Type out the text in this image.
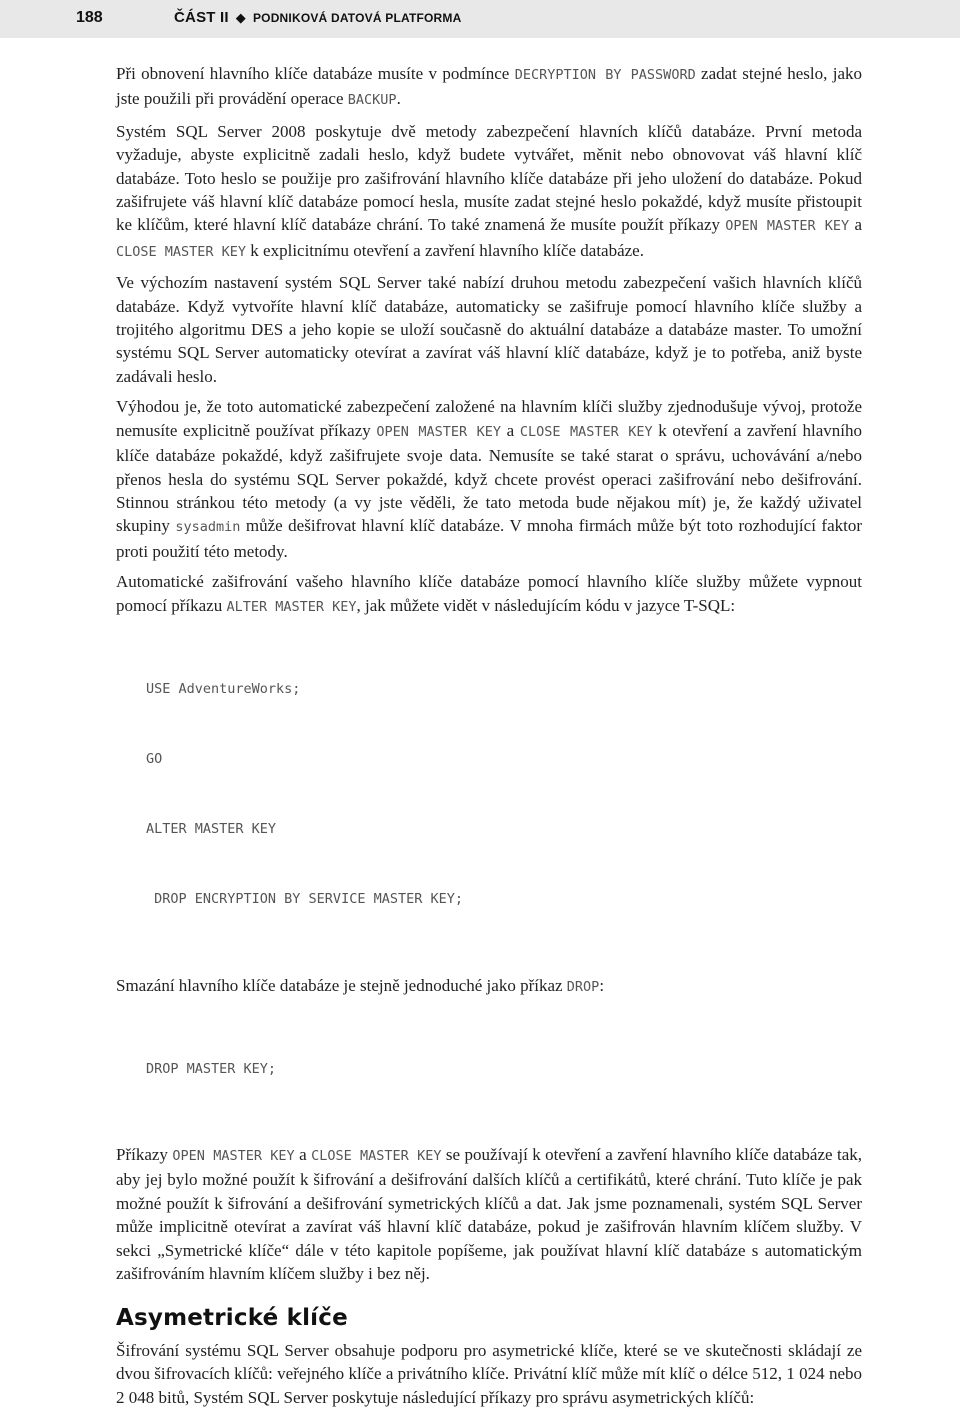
188	ČÁST II ◆ PODNIKOVÁ DATOVÁ PLATFORMA

Při obnovení hlavního klíče databáze musíte v podmínce DECRYPTION BY PASSWORD zadat stejné heslo, jako jste použili při provádění operace BACKUP.

Systém SQL Server 2008 poskytuje dvě metody zabezpečení hlavních klíčů databáze. První metoda vyžaduje, abyste explicitně zadali heslo, když budete vytvářet, měnit nebo obnovovat váš hlavní klíč databáze. Toto heslo se použije pro zašifrování hlavního klíče databáze při jeho uložení do databáze. Pokud zašifrujete váš hlavní klíč databáze pomocí hesla, musíte zadat stejné heslo pokaždé, když musíte přistoupit ke klíčům, které hlavní klíč databáze chrání. To také znamená že musíte použít příkazy OPEN MASTER KEY a CLOSE MASTER KEY k explicitnímu otevření a zavření hlavního klíče databáze.

Ve výchozím nastavení systém SQL Server také nabízí druhou metodu zabezpečení vašich hlavních klíčů databáze. Když vytvoříte hlavní klíč databáze, automaticky se zašifruje pomocí hlavního klíče služby a trojitého algoritmu DES a jeho kopie se uloží současně do aktuální databáze a databáze master. To umožní systému SQL Server automaticky otevírat a zavírat váš hlavní klíč databáze, když je to potřeba, aniž byste zadávali heslo.

Výhodou je, že toto automatické zabezpečení založené na hlavním klíči služby zjednodušuje vývoj, protože nemusíte explicitně používat příkazy OPEN MASTER KEY a CLOSE MASTER KEY k otevření a zavření hlavního klíče databáze pokaždé, když zašifrujete svoje data. Nemusíte se také starat o správu, uchovávání a/nebo přenos hesla do systému SQL Server pokaždé, když chcete provést operaci zašifrování nebo dešifrování. Stinnou stránkou této metody (a vy jste věděli, že tato metoda bude nějakou mít) je, že každý uživatel skupiny sysadmin může dešifrovat hlavní klíč databáze. V mnoha firmách může být toto rozhodující faktor proti použití této metody.

Automatické zašifrování vašeho hlavního klíče databáze pomocí hlavního klíče služby můžete vypnout pomocí příkazu ALTER MASTER KEY, jak můžete vidět v následujícím kódu v jazyce T-SQL:

USE AdventureWorks;

GO

ALTER MASTER KEY

DROP ENCRYPTION BY SERVICE MASTER KEY;

Smazání hlavního klíče databáze je stejně jednoduché jako příkaz DROP:

DROP MASTER KEY;

Příkazy OPEN MASTER KEY a CLOSE MASTER KEY se používají k otevření a zavření hlavního klíče databáze tak, aby jej bylo možné použít k šifrování a dešifrování dalších klíčů a certifikátů, které chrání. Tuto klíče je pak možné použít k šifrování a dešifrování symetrických klíčů a dat. Jak jsme poznamenali, systém SQL Server může implicitně otevírat a zavírat váš hlavní klíč databáze, pokud je zašifrován hlavním klíčem služby. V sekci „Symetrické klíče“ dále v této kapitole popíšeme, jak používat hlavní klíč databáze s automatickým zašifrováním hlavním klíčem služby i bez něj.

Asymetrické klíče

Šifrování systému SQL Server obsahuje podporu pro asymetrické klíče, které se ve skutečnosti skládají ze dvou šifrovacích klíčů: veřejného klíče a privátního klíče. Privátní klíč může mít klíč o délce 512, 1 024 nebo 2 048 bitů, Systém SQL Server poskytuje následující příkazy pro správu asymetrických klíčů:
